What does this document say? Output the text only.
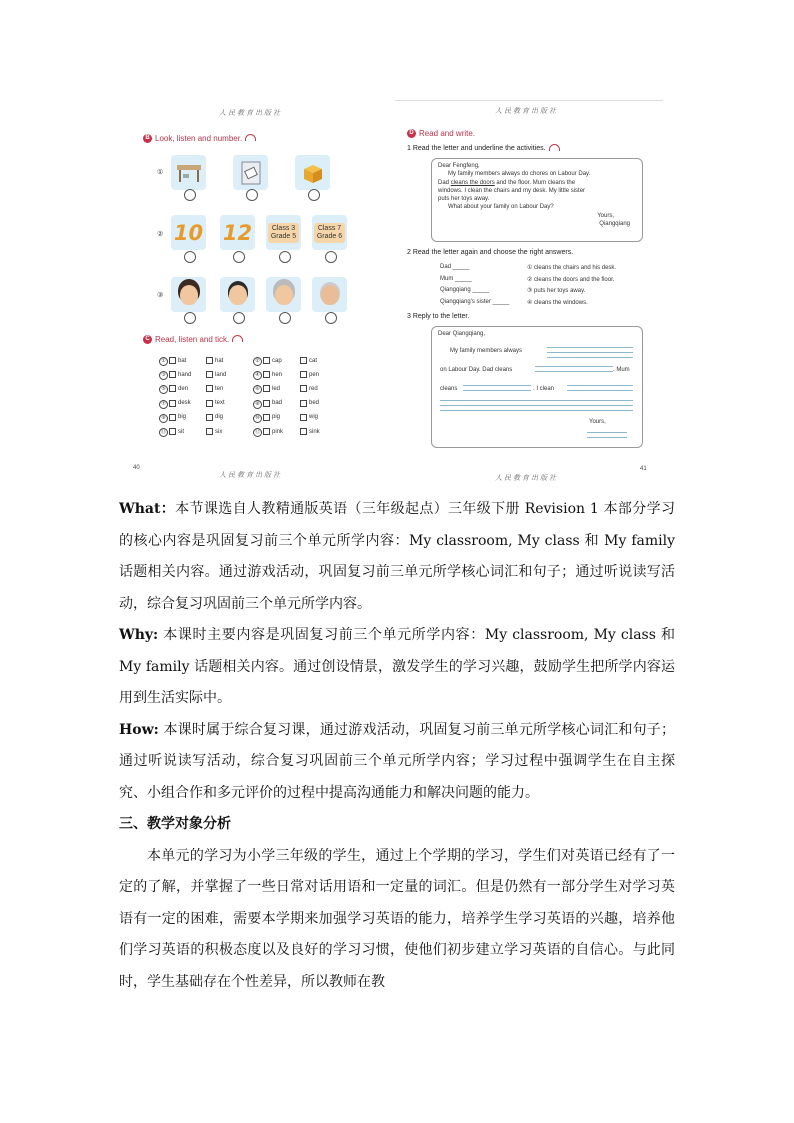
人民教育出版社
B Look, listen and number.
①
② 10 12	Class 3
Grade 5
Class 7
Grade 6
③
C Read, listen and tick.
①	bat	hat	②	cap	cat
③	hand	land	④	hen	pen
⑤	den	ten	⑥	led	red
⑦	desk	text	⑧	bad	bed
⑨	big	dig	⑩	pig	wig
⑪	sit	six	⑫	pink	sink
40
人民教育出版社
人民教育出版社
D Read and write.
1 Read the letter and underline the activities.
Dear Fengfeng,
My family members always do chores on Labour Day.
Dad cleans the doors and the floor. Mum cleans the
windows. I clean the chairs and my desk. My little sister
puts her toys away.
What about your family on Labour Day?
Yours,
Qiangqiang
2 Read the letter again and choose the right answers.
Dad _____	① cleans the chairs and his desk.
Mum _____	② cleans the doors and the floor.
Qiangqiang _____	③ puts her toys away.
Qiangqiang's sister _____	④ cleans the windows.
3 Reply to the letter.
Dear Qiangqiang,
My family members always
on Labour Day. Dad cleans	. Mum
cleans	. I clean
Yours,
41
人民教育出版社

What：本节课选自人教精通版英语（三年级起点）三年级下册 Revision 1 本部分学习的核心内容是巩固复习前三个单元所学内容：My classroom, My class 和 My family 话题相关内容。通过游戏活动，巩固复习前三单元所学核心词汇和句子；通过听说读写活动，综合复习巩固前三个单元所学内容。

Why: 本课时主要内容是巩固复习前三个单元所学内容：My classroom, My class 和 My family 话题相关内容。通过创设情景，激发学生的学习兴趣，鼓励学生把所学内容运用到生活实际中。

How: 本课时属于综合复习课，通过游戏活动，巩固复习前三单元所学核心词汇和句子；通过听说读写活动，综合复习巩固前三个单元所学内容；学习过程中强调学生在自主探究、小组合作和多元评价的过程中提高沟通能力和解决问题的能力。

三、教学对象分析

本单元的学习为小学三年级的学生，通过上个学期的学习，学生们对英语已经有了一定的了解，并掌握了一些日常对话用语和一定量的词汇。但是仍然有一部分学生对学习英语有一定的困难，需要本学期来加强学习英语的能力，培养学生学习英语的兴趣，培养他们学习英语的积极态度以及良好的学习习惯，使他们初步建立学习英语的自信心。与此同时，学生基础存在个性差异，所以教师在教
